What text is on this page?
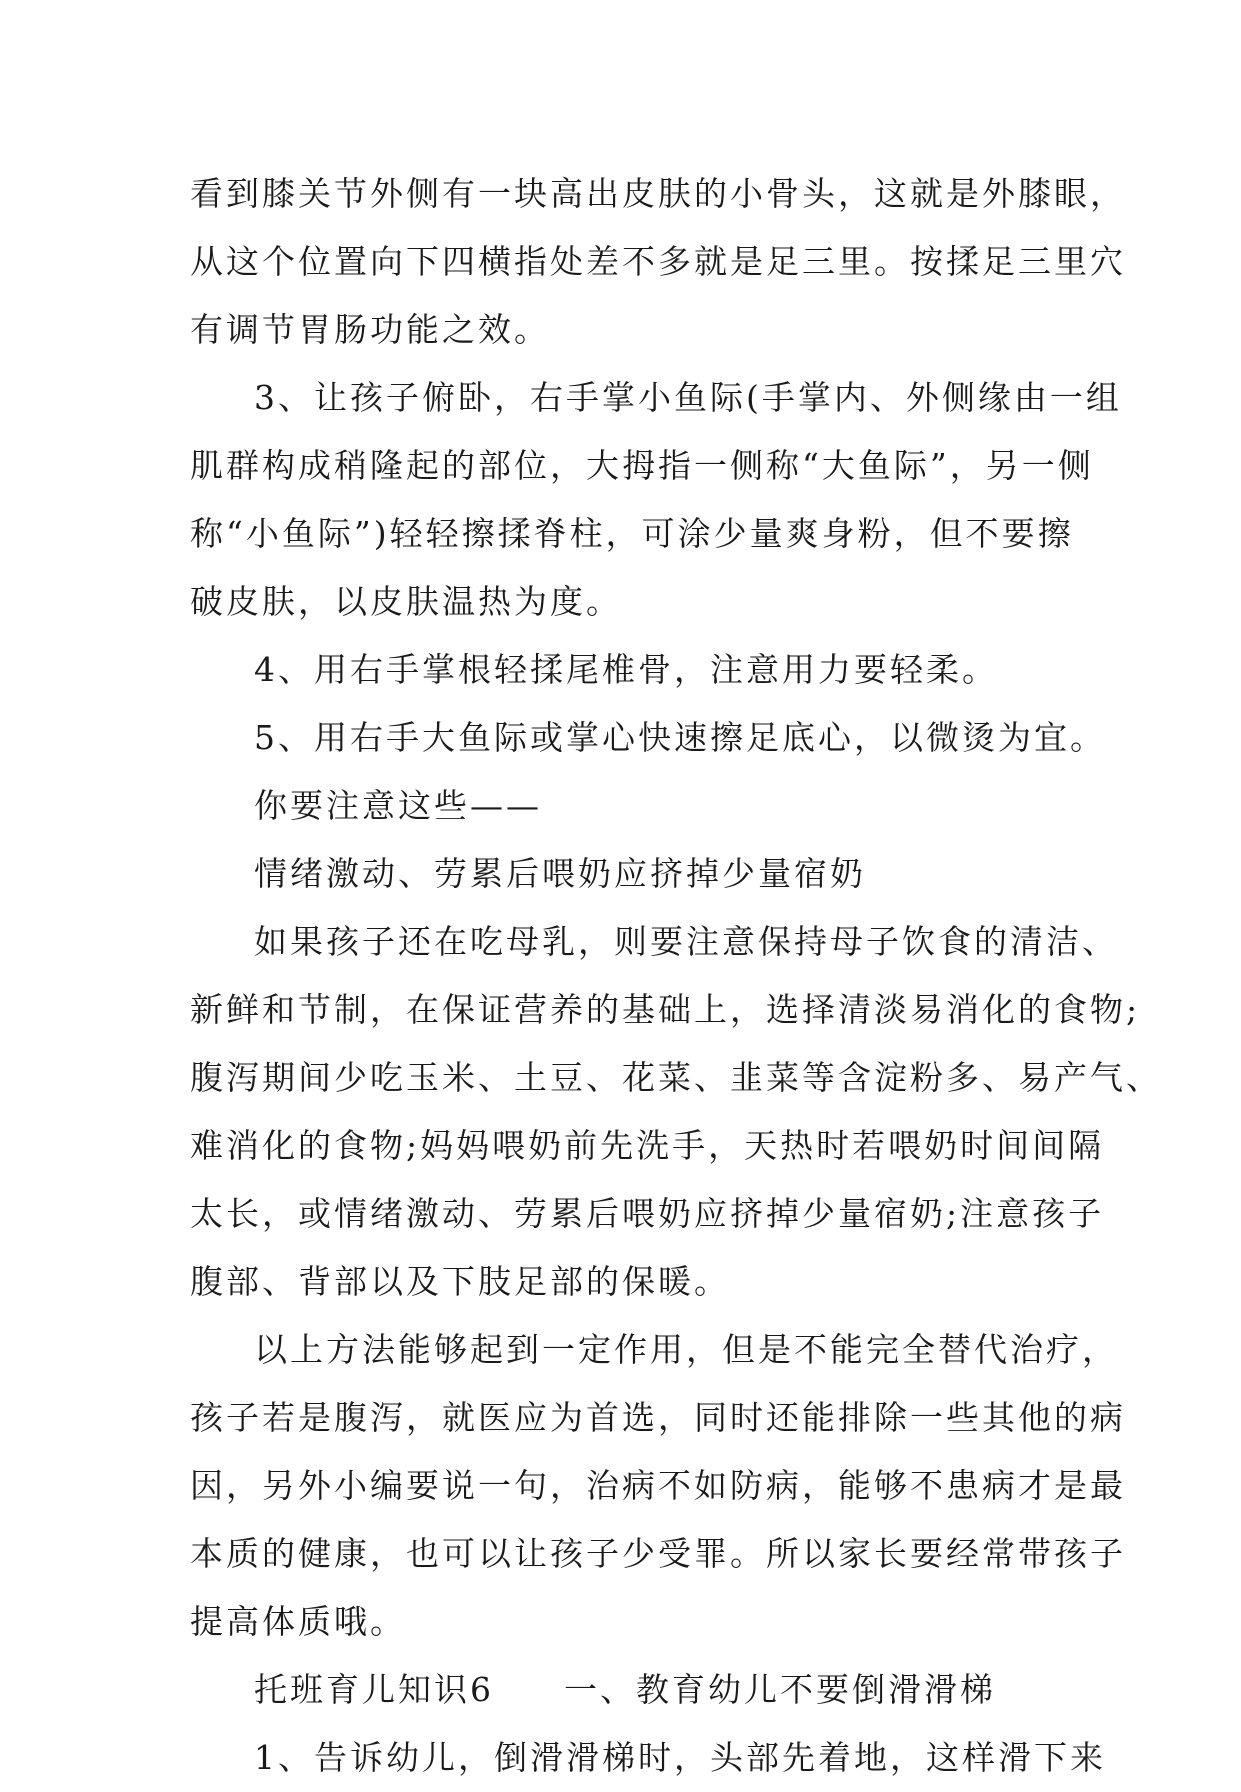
看到膝关节外侧有一块高出皮肤的小骨头，这就是外膝眼，
从这个位置向下四横指处差不多就是足三里。按揉足三里穴
有调节胃肠功能之效。

3、让孩子俯卧，右手掌小鱼际(手掌内、外侧缘由一组
肌群构成稍隆起的部位，大拇指一侧称“大鱼际”，另一侧
称“小鱼际”)轻轻擦揉脊柱，可涂少量爽身粉，但不要擦
破皮肤，以皮肤温热为度。

4、用右手掌根轻揉尾椎骨，注意用力要轻柔。

5、用右手大鱼际或掌心快速擦足底心，以微烫为宜。

你要注意这些——

情绪激动、劳累后喂奶应挤掉少量宿奶

如果孩子还在吃母乳，则要注意保持母子饮食的清洁、
新鲜和节制，在保证营养的基础上，选择清淡易消化的食物;
腹泻期间少吃玉米、土豆、花菜、韭菜等含淀粉多、易产气、
难消化的食物;妈妈喂奶前先洗手，天热时若喂奶时间间隔
太长，或情绪激动、劳累后喂奶应挤掉少量宿奶;注意孩子
腹部、背部以及下肢足部的保暖。

以上方法能够起到一定作用，但是不能完全替代治疗，
孩子若是腹泻，就医应为首选，同时还能排除一些其他的病
因，另外小编要说一句，治病不如防病，能够不患病才是最
本质的健康，也可以让孩子少受罪。所以家长要经常带孩子
提高体质哦。

托班育儿知识6 一、教育幼儿不要倒滑滑梯

1、告诉幼儿，倒滑滑梯时，头部先着地，这样滑下来
